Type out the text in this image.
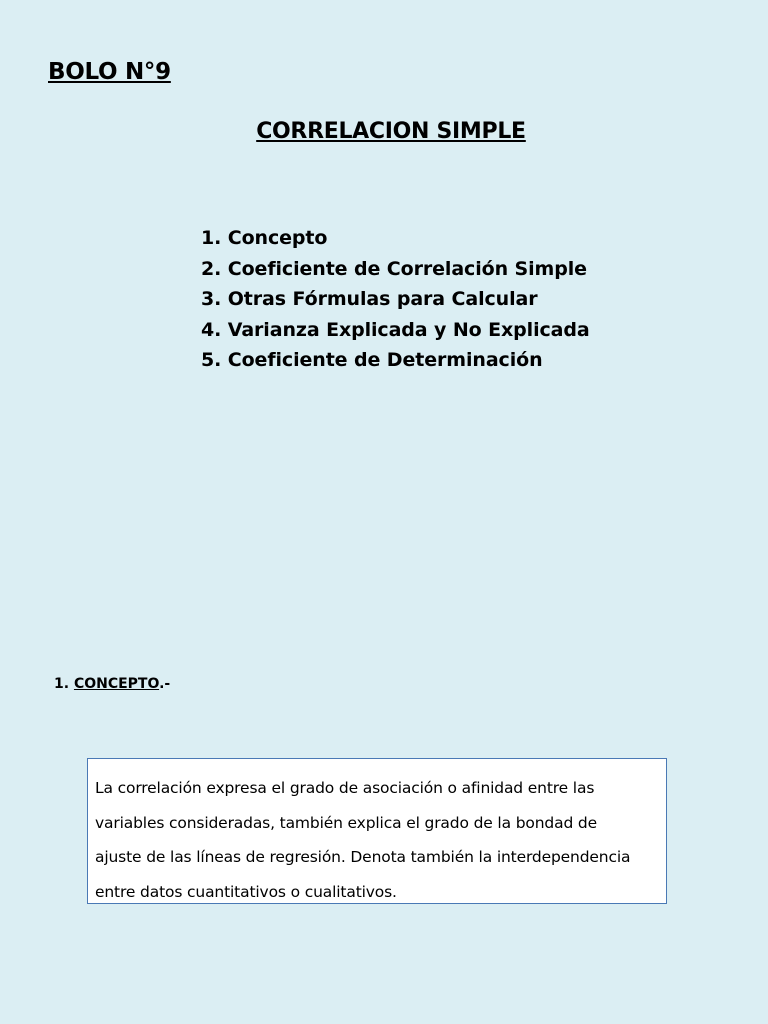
BOLO N°9
CORRELACION SIMPLE
1. Concepto
2. Coeficiente de Correlación Simple
3. Otras Fórmulas para Calcular
4. Varianza Explicada y No Explicada
5. Coeficiente de Determinación
1. CONCEPTO.-

La correlación expresa el grado de asociación o afinidad entre las

variables consideradas, también explica el grado de la bondad de

ajuste de las líneas de regresión. Denota también la interdependencia

entre datos cuantitativos o cualitativos.
